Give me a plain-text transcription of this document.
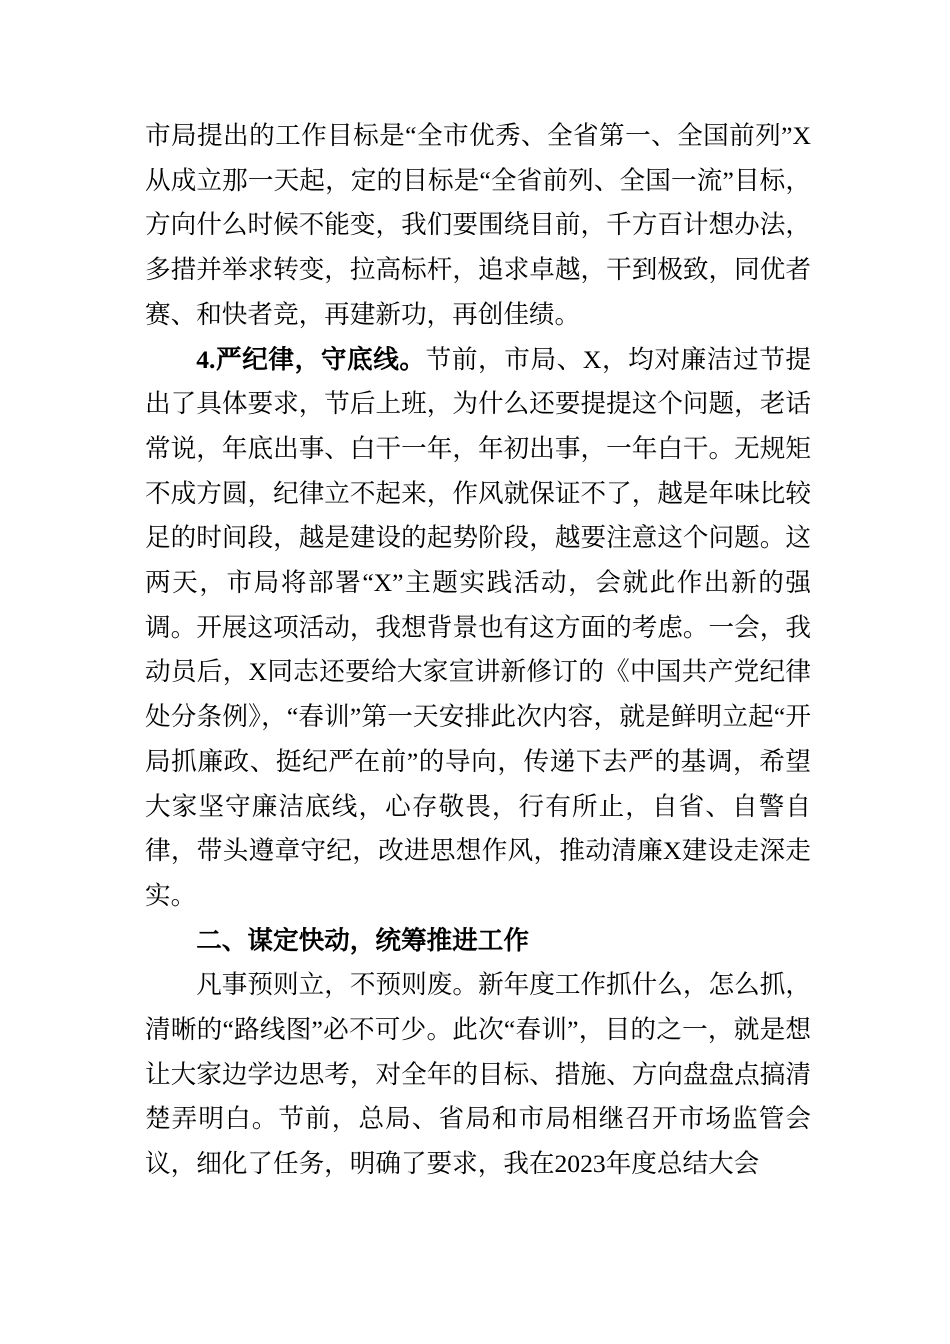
市局提出的工作目标是“全市优秀、全省第一、全国前列”X从成立那一天起，定的目标是“全省前列、全国一流”目标，方向什么时候不能变，我们要围绕目前，千方百计想办法，多措并举求转变，拉高标杆，追求卓越，干到极致，同优者赛、和快者竞，再建新功，再创佳绩。

4.严纪律，守底线。节前，市局、X，均对廉洁过节提出了具体要求，节后上班，为什么还要提提这个问题，老话常说，年底出事、白干一年，年初出事，一年白干。无规矩不成方圆，纪律立不起来，作风就保证不了，越是年味比较足的时间段，越是建设的起势阶段，越要注意这个问题。这两天，市局将部署“X”主题实践活动，会就此作出新的强调。开展这项活动，我想背景也有这方面的考虑。一会，我动员后，X同志还要给大家宣讲新修订的《中国共产党纪律处分条例》，“春训”第一天安排此次内容，就是鲜明立起“开局抓廉政、挺纪严在前”的导向，传递下去严的基调，希望大家坚守廉洁底线，心存敬畏，行有所止，自省、自警自律，带头遵章守纪，改进思想作风，推动清廉X建设走深走实。

二、谋定快动，统筹推进工作

凡事预则立，不预则废。新年度工作抓什么，怎么抓，清晰的“路线图”必不可少。此次“春训”，目的之一，就是想让大家边学边思考，对全年的目标、措施、方向盘盘点搞清楚弄明白。节前，总局、省局和市局相继召开市场监管会议，细化了任务，明确了要求，我在2023年度总结大会
